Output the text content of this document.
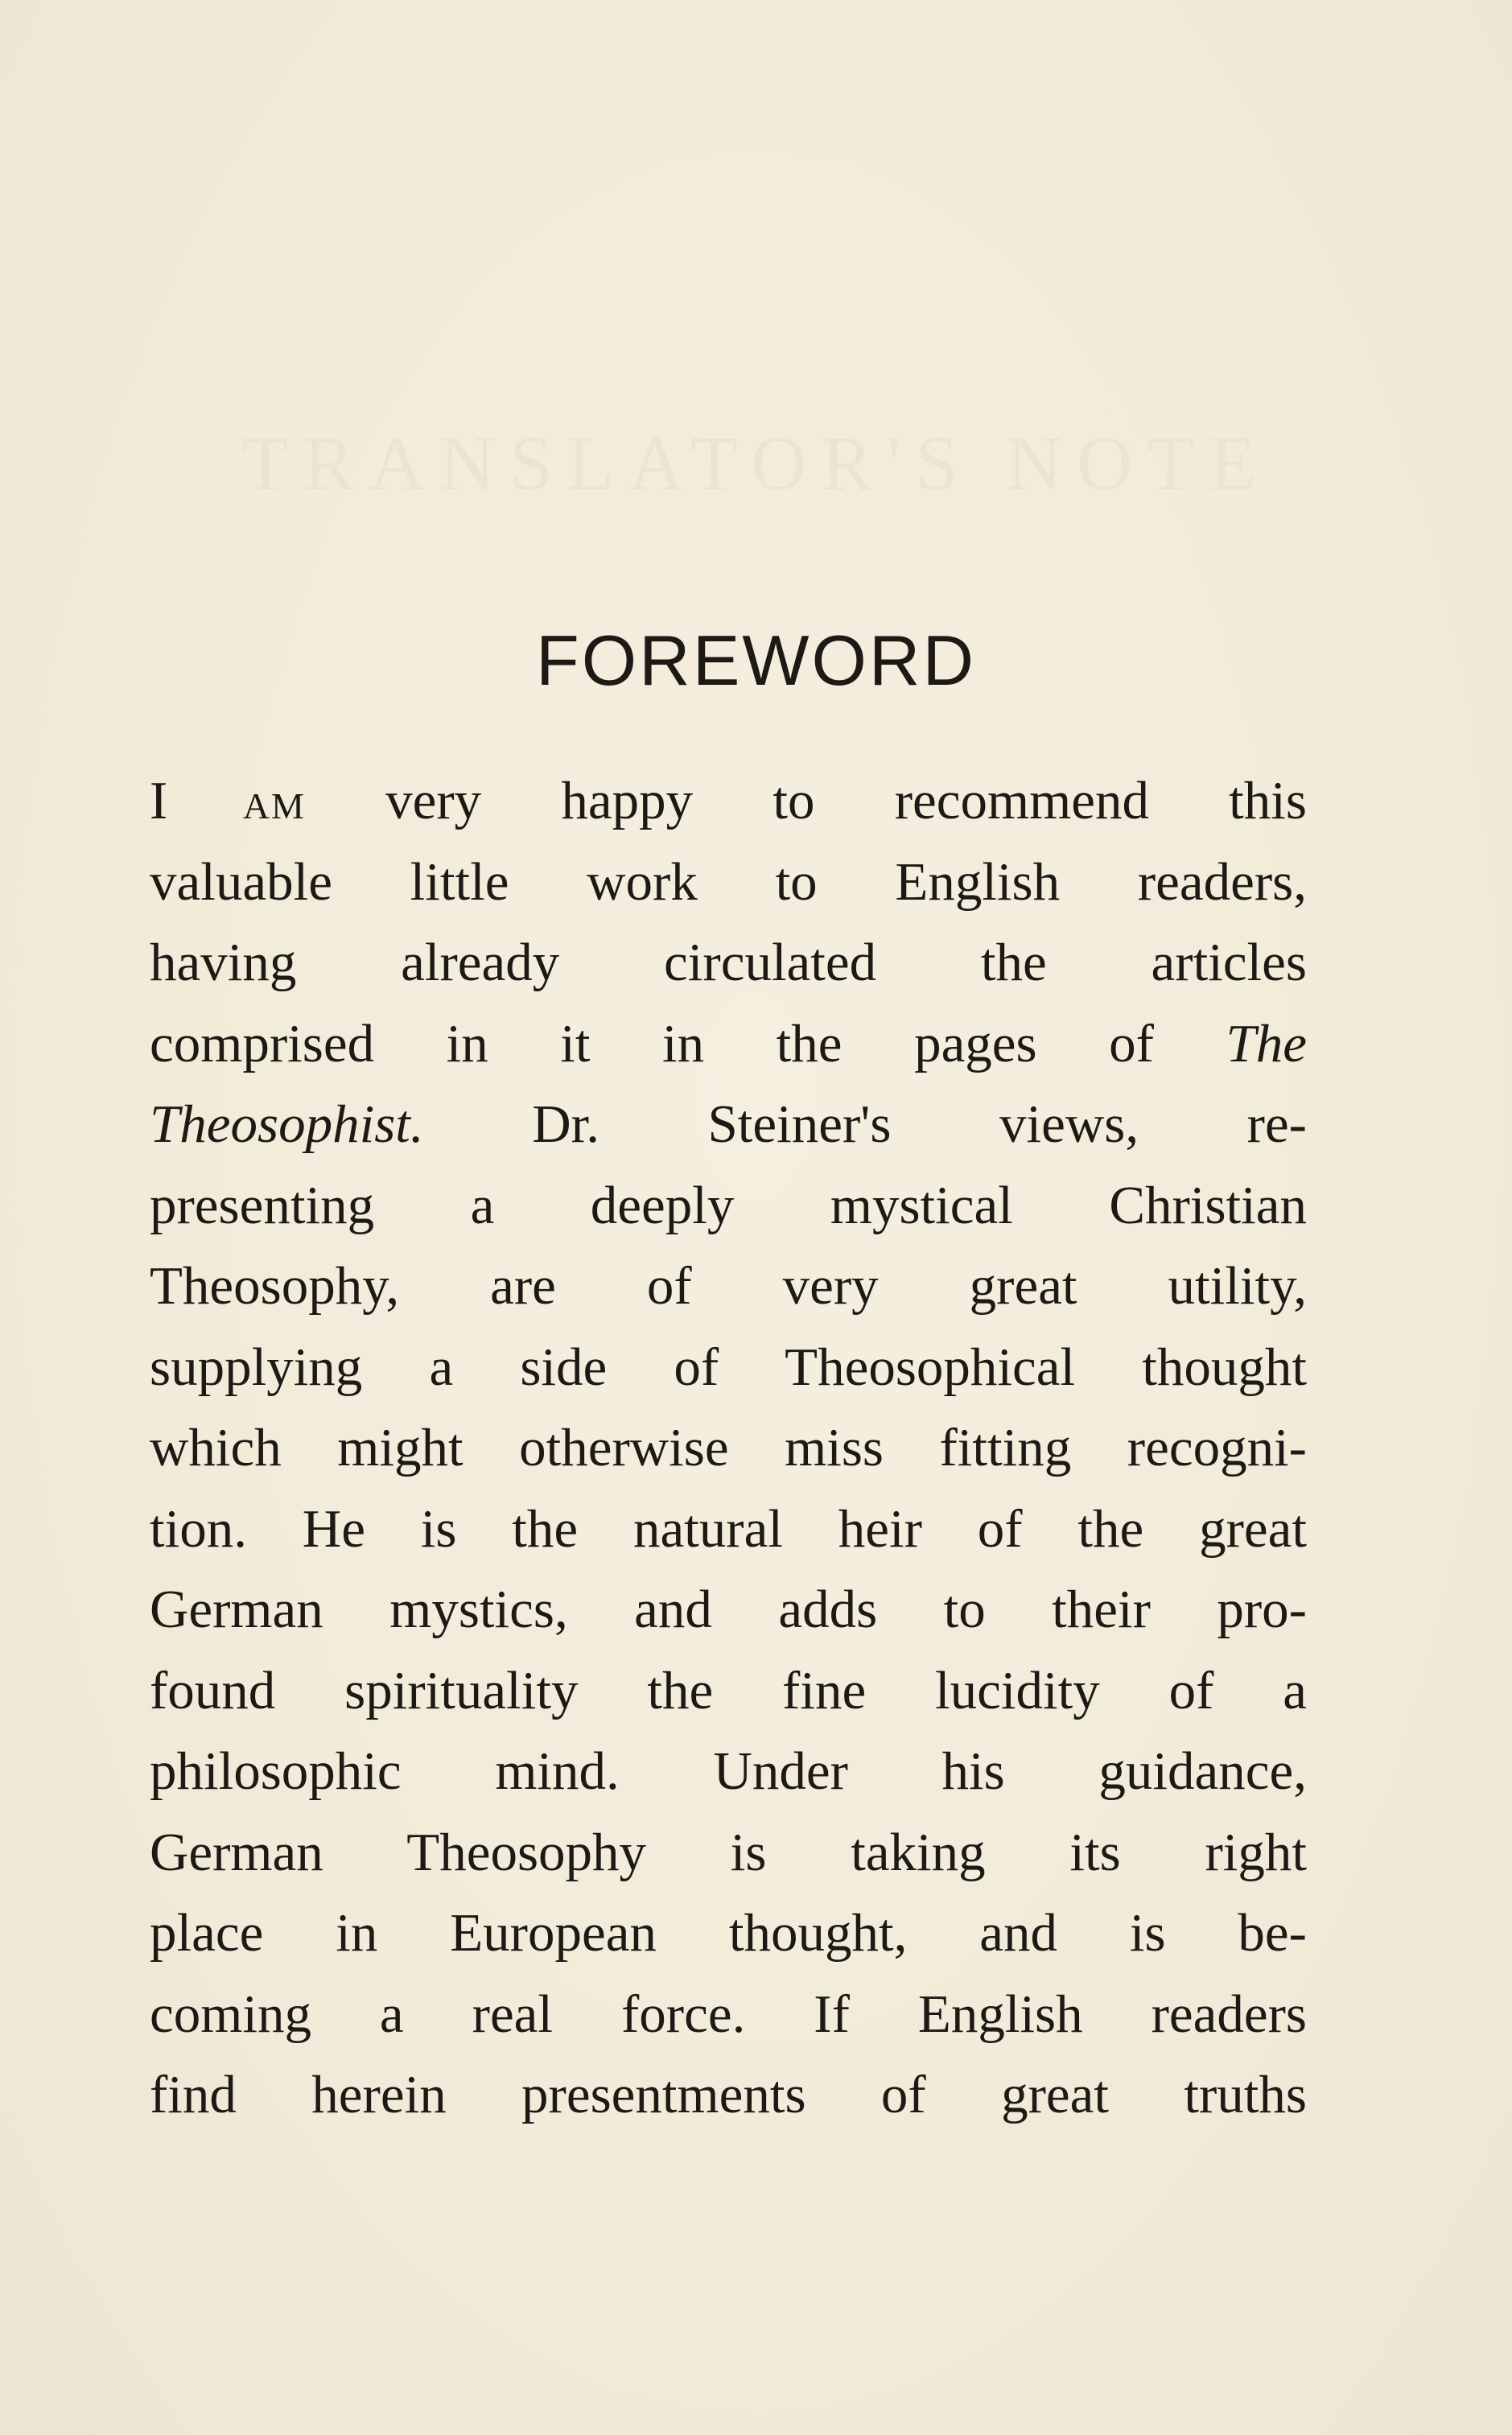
TRANSLATOR'S NOTE
FOREWORD
I AM very happy to recommend this
valuable little work to English readers,
having already circulated the articles
comprised in it in the pages of The
Theosophist. Dr. Steiner's views, re-
presenting a deeply mystical Christian
Theosophy, are of very great utility,
supplying a side of Theosophical thought
which might otherwise miss fitting recogni-
tion. He is the natural heir of the great
German mystics, and adds to their pro-
found spirituality the fine lucidity of a
philosophic mind. Under his guidance,
German Theosophy is taking its right
place in European thought, and is be-
coming a real force. If English readers
find herein presentments of great truths
